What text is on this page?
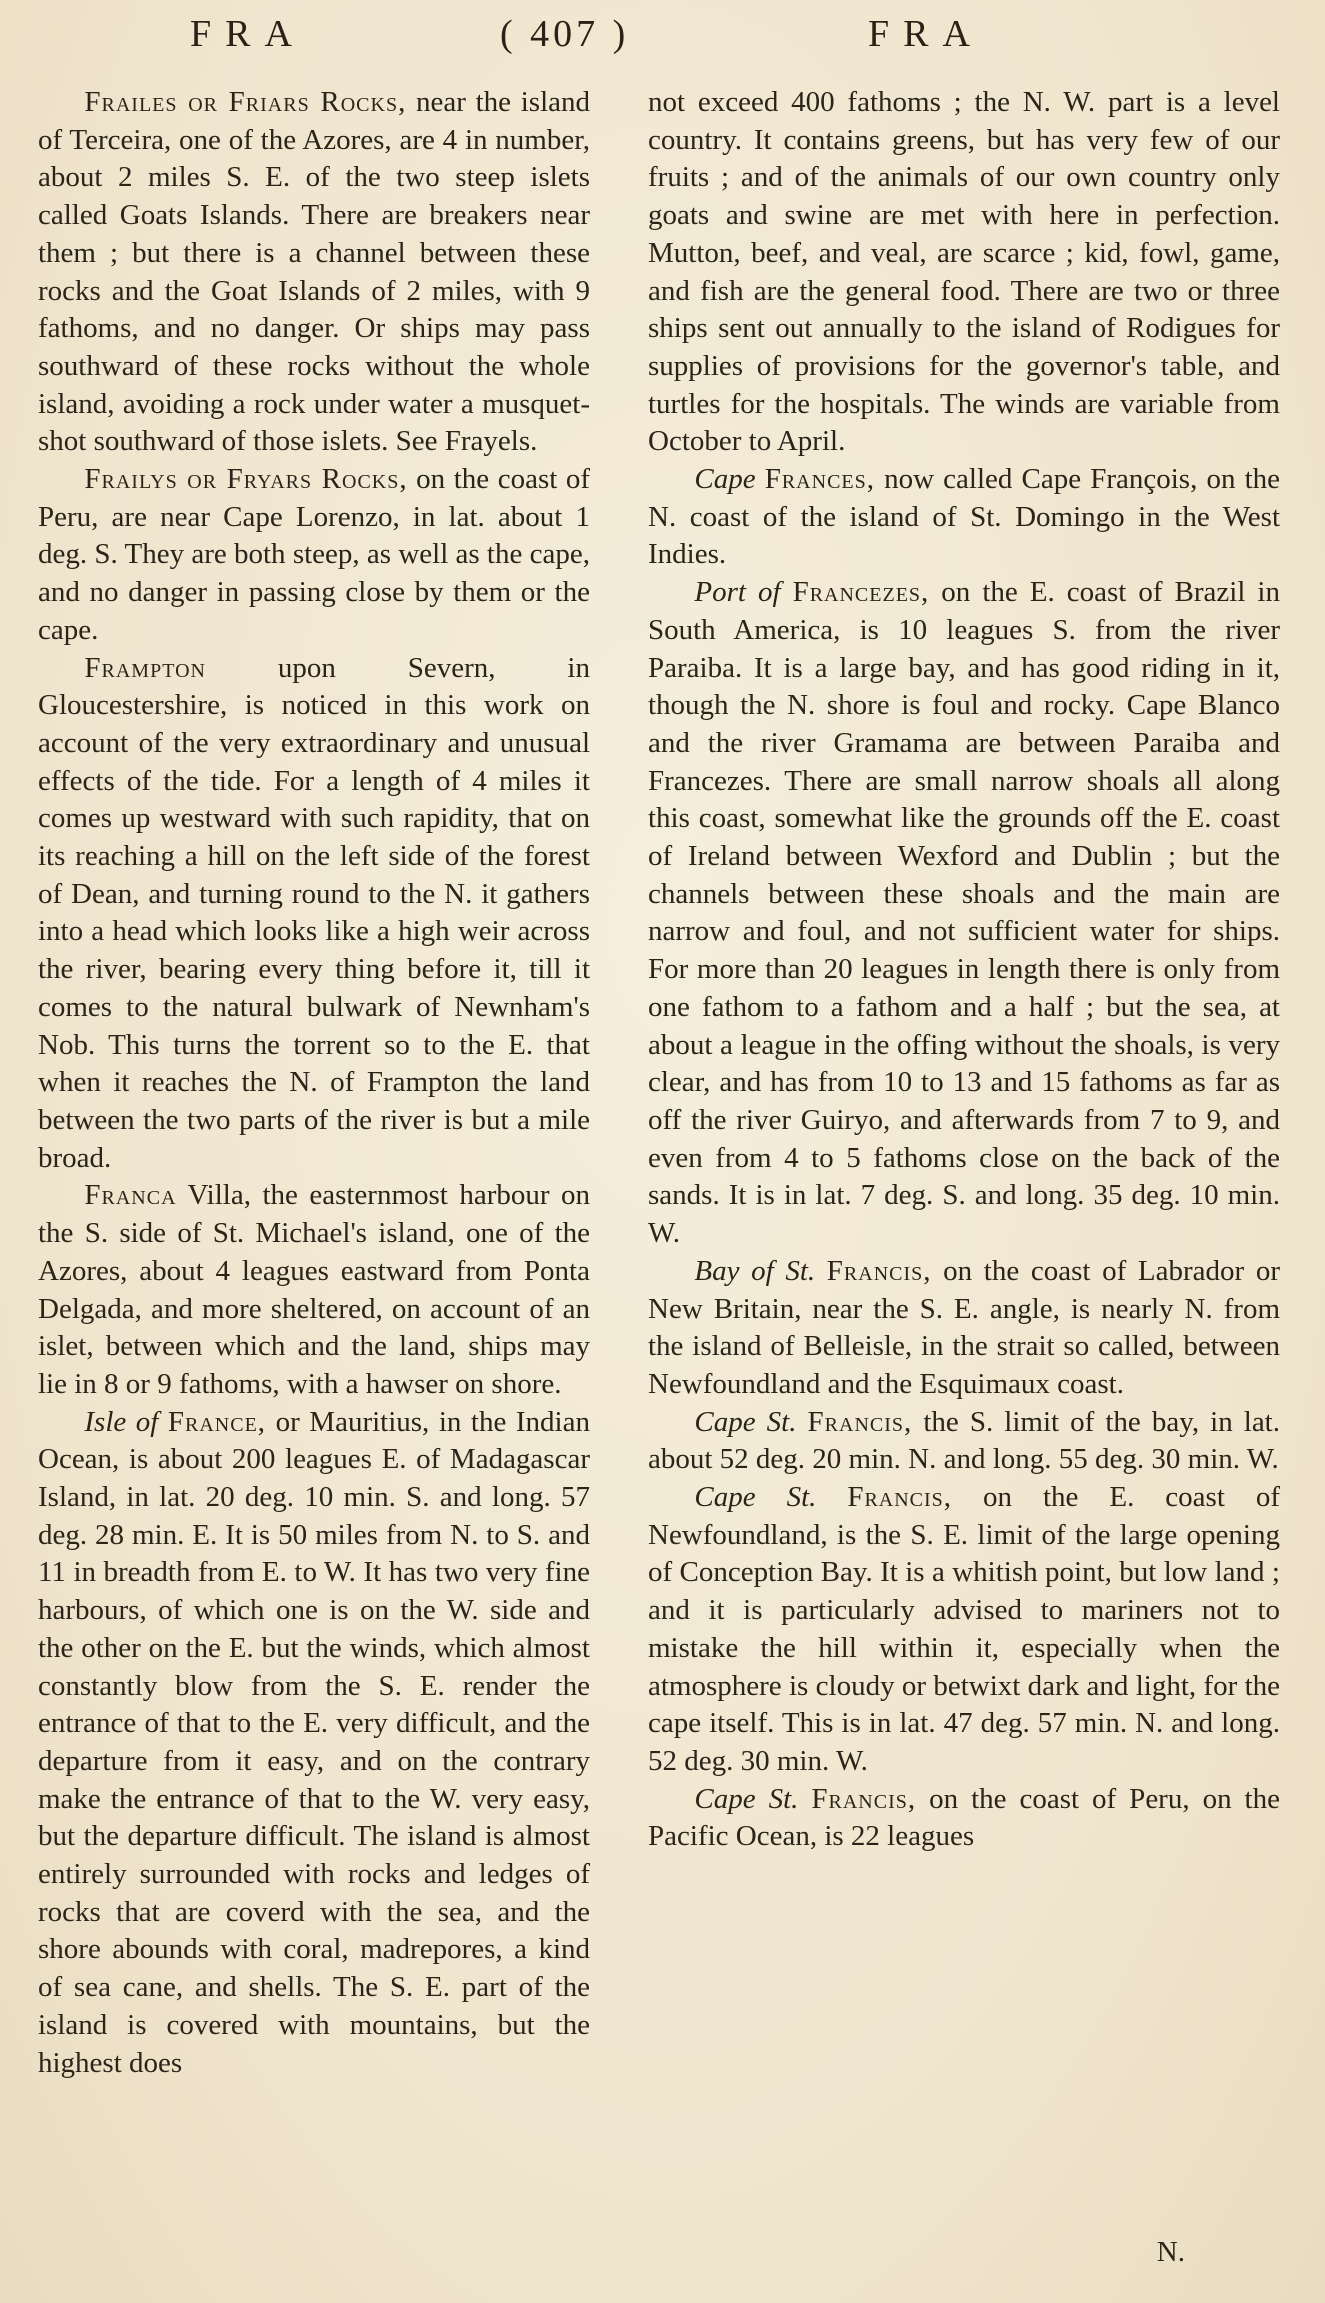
FRA	( 407 )	FRA

Frailes or Friars Rocks, near the island of Terceira, one of the Azores, are 4 in number, about 2 miles S. E. of the two steep islets called Goats Islands. There are breakers near them ; but there is a channel between these rocks and the Goat Islands of 2 miles, with 9 fathoms, and no danger. Or ships may pass southward of these rocks without the whole island, avoiding a rock under water a musquet-shot southward of those islets. See Frayels.

Frailys or Fryars Rocks, on the coast of Peru, are near Cape Lorenzo, in lat. about 1 deg. S. They are both steep, as well as the cape, and no danger in passing close by them or the cape.

Frampton upon Severn, in Gloucestershire, is noticed in this work on account of the very extraordinary and unusual effects of the tide. For a length of 4 miles it comes up westward with such rapidity, that on its reaching a hill on the left side of the forest of Dean, and turning round to the N. it gathers into a head which looks like a high weir across the river, bearing every thing before it, till it comes to the natural bulwark of Newnham's Nob. This turns the torrent so to the E. that when it reaches the N. of Frampton the land between the two parts of the river is but a mile broad.

Franca Villa, the easternmost harbour on the S. side of St. Michael's island, one of the Azores, about 4 leagues eastward from Ponta Delgada, and more sheltered, on account of an islet, between which and the land, ships may lie in 8 or 9 fathoms, with a hawser on shore.

Isle of France, or Mauritius, in the Indian Ocean, is about 200 leagues E. of Madagascar Island, in lat. 20 deg. 10 min. S. and long. 57 deg. 28 min. E. It is 50 miles from N. to S. and 11 in breadth from E. to W. It has two very fine harbours, of which one is on the W. side and the other on the E. but the winds, which almost constantly blow from the S. E. render the entrance of that to the E. very difficult, and the departure from it easy, and on the contrary make the entrance of that to the W. very easy, but the departure difficult. The island is almost entirely surrounded with rocks and ledges of rocks that are coverd with the sea, and the shore abounds with coral, madrepores, a kind of sea cane, and shells. The S. E. part of the island is covered with mountains, but the highest does

not exceed 400 fathoms ; the N. W. part is a level country. It contains greens, but has very few of our fruits ; and of the animals of our own country only goats and swine are met with here in perfection. Mutton, beef, and veal, are scarce ; kid, fowl, game, and fish are the general food. There are two or three ships sent out annually to the island of Rodigues for supplies of provisions for the governor's table, and turtles for the hospitals. The winds are variable from October to April.

Cape Frances, now called Cape François, on the N. coast of the island of St. Domingo in the West Indies.

Port of Francezes, on the E. coast of Brazil in South America, is 10 leagues S. from the river Paraiba. It is a large bay, and has good riding in it, though the N. shore is foul and rocky. Cape Blanco and the river Gramama are between Paraiba and Francezes. There are small narrow shoals all along this coast, somewhat like the grounds off the E. coast of Ireland between Wexford and Dublin ; but the channels between these shoals and the main are narrow and foul, and not sufficient water for ships. For more than 20 leagues in length there is only from one fathom to a fathom and a half ; but the sea, at about a league in the offing without the shoals, is very clear, and has from 10 to 13 and 15 fathoms as far as off the river Guiryo, and afterwards from 7 to 9, and even from 4 to 5 fathoms close on the back of the sands. It is in lat. 7 deg. S. and long. 35 deg. 10 min. W.

Bay of St. Francis, on the coast of Labrador or New Britain, near the S. E. angle, is nearly N. from the island of Belleisle, in the strait so called, between Newfoundland and the Esquimaux coast.

Cape St. Francis, the S. limit of the bay, in lat. about 52 deg. 20 min. N. and long. 55 deg. 30 min. W.

Cape St. Francis, on the E. coast of Newfoundland, is the S. E. limit of the large opening of Conception Bay. It is a whitish point, but low land ; and it is particularly advised to mariners not to mistake the hill within it, especially when the atmosphere is cloudy or betwixt dark and light, for the cape itself. This is in lat. 47 deg. 57 min. N. and long. 52 deg. 30 min. W.

Cape St. Francis, on the coast of Peru, on the Pacific Ocean, is 22 leagues

N.
